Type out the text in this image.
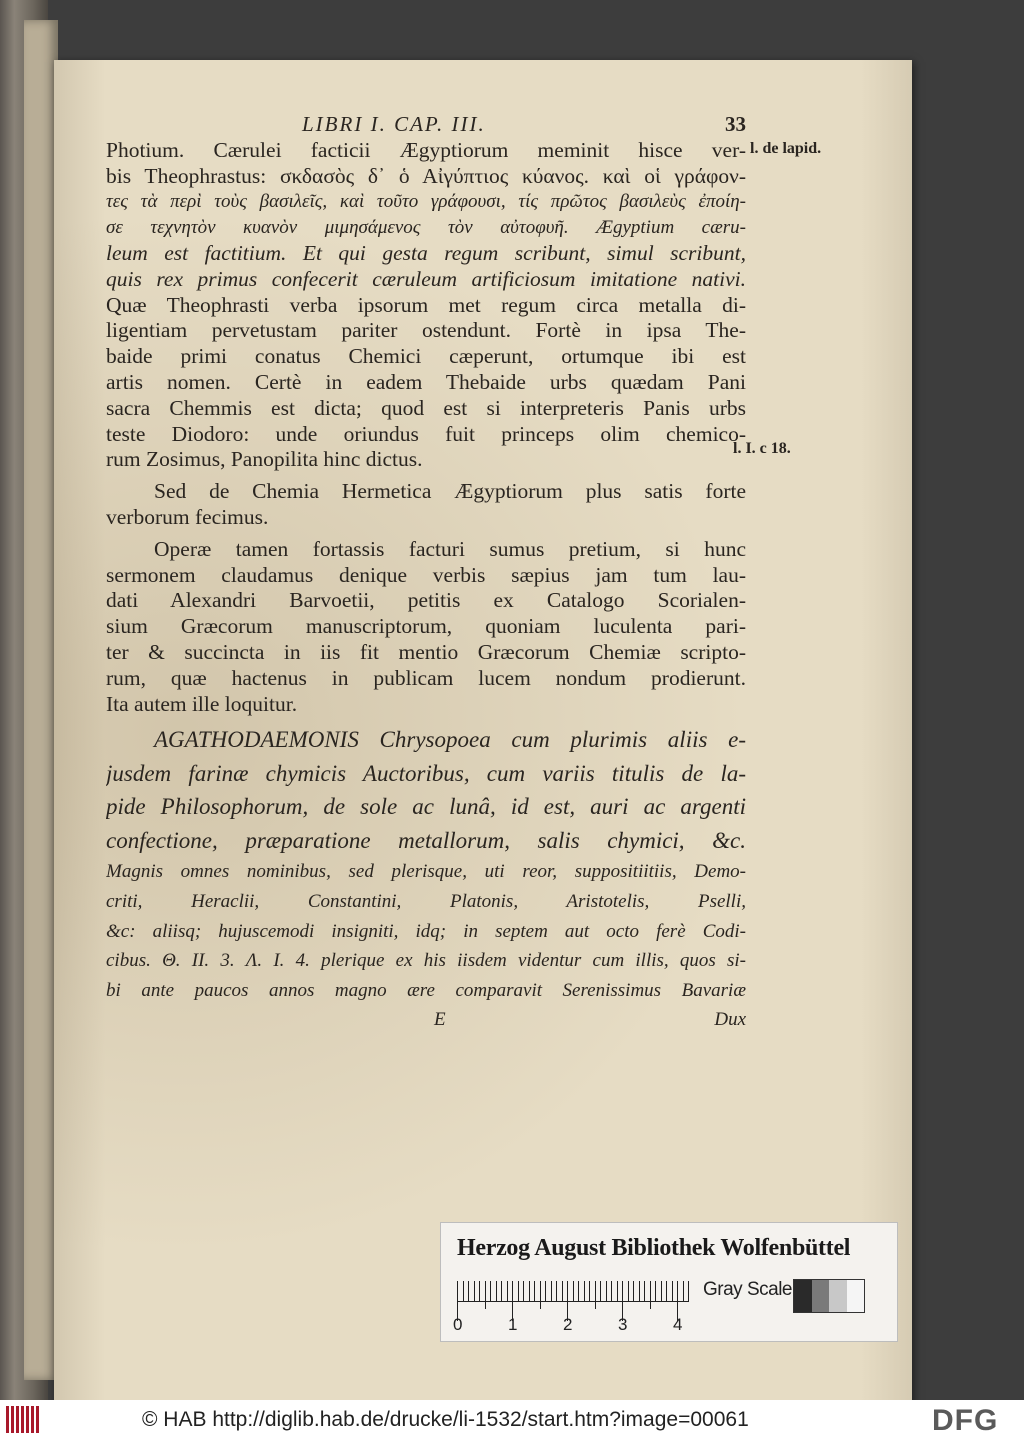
LIBRI I. CAP. III.	33
Photium. Cærulei facticii Ægyptiorum meminit hisce ver-
bis Theophrastus: σκδασὸς δ᾽ ὁ Αἰγύπτιος κύανος. καὶ οἱ γράφον-
τες τὰ περὶ τοὺς βασιλεῖς, καὶ τοῦτο γράφουσι, τίς πρῶτος βασιλεὺς ἐποίη-
σε τεχνητὸν κυανὸν μιμησάμενος τὸν αὐτοφυῆ. Ægyptium cæru-
leum est factitium. Et qui gesta regum scribunt, simul scribunt,
quis rex primus confecerit cæruleum artificiosum imitatione nativi.
Quæ Theophrasti verba ipsorum met regum circa metalla di-
ligentiam pervetustam pariter ostendunt. Fortè in ipsa The-
baide primi conatus Chemici cæperunt, ortumque ibi est
artis nomen. Certè in eadem Thebaide urbs quædam Pani
sacra Chemmis est dicta; quod est si interpreteris Panis urbs
teste Diodoro: unde oriundus fuit princeps olim chemico-
rum Zosimus, Panopilita hinc dictus.
Sed de Chemia Hermetica Ægyptiorum plus satis forte
verborum fecimus.
Operæ tamen fortassis facturi sumus pretium, si hunc
sermonem claudamus denique verbis sæpius jam tum lau-
dati Alexandri Barvoetii, petitis ex Catalogo Scorialen-
sium Græcorum manuscriptorum, quoniam luculenta pari-
ter & succincta in iis fit mentio Græcorum Chemiæ scripto-
rum, quæ hactenus in publicam lucem nondum prodierunt.
Ita autem ille loquitur.
AGATHODAEMONIS Chrysopoea cum plurimis aliis e-
jusdem farinæ chymicis Auctoribus, cum variis titulis de la-
pide Philosophorum, de sole ac lunâ, id est, auri ac argenti
confectione, præparatione metallorum, salis chymici, &c.
Magnis omnes nominibus, sed plerisque, uti reor, suppositiitiis, Demo-
criti, Heraclii, Constantini, Platonis, Aristotelis, Pselli,
&c: aliisq; hujuscemodi insigniti, idq; in septem aut octo ferè Codi-
cibus. Θ. II. 3. Λ. I. 4. plerique ex his iisdem videntur cum illis, quos si-
bi ante paucos annos magno ære comparavit Serenissimus Bavariæ
E	Dux
l. de lapid.
l. I. c 18.
Herzog August Bibliothek Wolfenbüttel
0	1	2	3	4
Gray Scale
© HAB http://diglib.hab.de/drucke/li-1532/start.htm?image=00061	DFG
